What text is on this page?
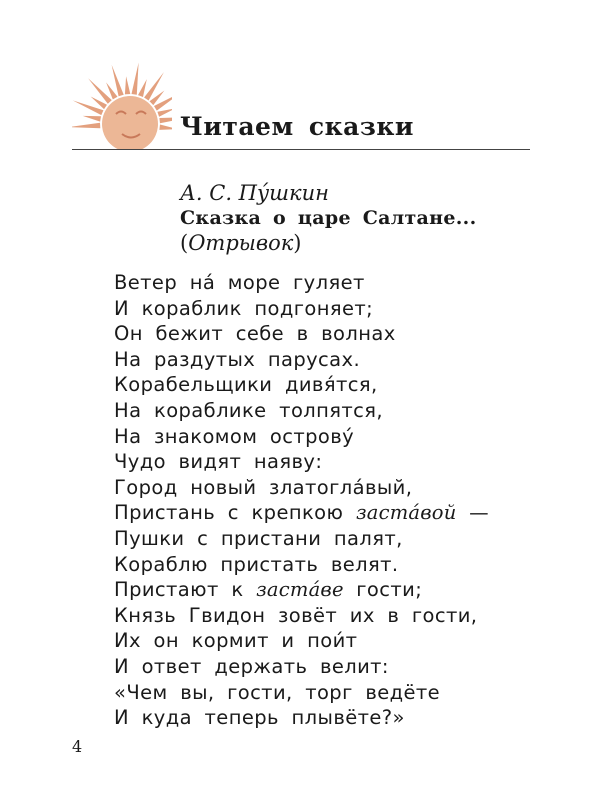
Читаем сказки
А. С. Пу́шкин
Сказка о царе Салтане...
(Отрывок)
Ветер на́ море гуляет
И кораблик подгоняет;
Он бежит себе в волнах
На раздутых парусах.
Корабельщики дивя́тся,
На кораблике толпятся,
На знакомом острову́
Чудо видят наяву:
Город новый златогла́вый,
Пристань с крепкою заста́вой —
Пушки с пристани палят,
Кораблю пристать велят.
Пристают к заста́ве гости;
Князь Гвидон зовёт их в гости,
Их он кормит и пои́т
И ответ держать велит:
«Чем вы, гости, торг ведёте
И куда теперь плывёте?»
4
